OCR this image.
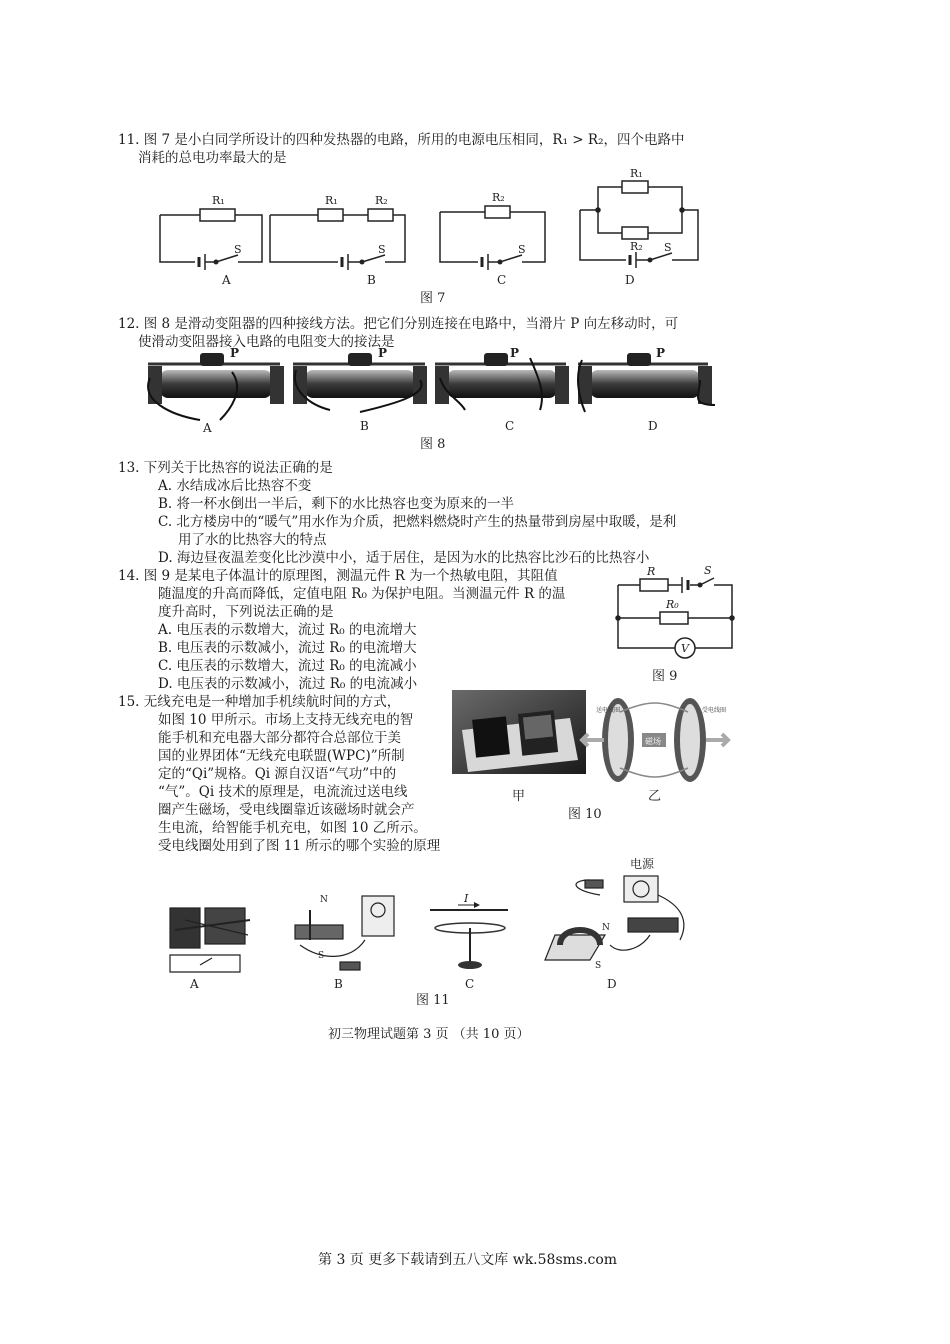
11. 图 7 是小白同学所设计的四种发热器的电路，所用的电源电压相同，R₁ > R₂，四个电路中
消耗的总电功率最大的是
R₁
S
R₁	R₂
S
R₂
S
R₁
R₂ S
A	B	C	D
图 7
12. 图 8 是滑动变阻器的四种接线方法。把它们分别连接在电路中，当滑片 P 向左移动时，可
使滑动变阻器接入电路的电阻变大的接法是
P	P	P	P
A	B	C	D
图 8
13. 下列关于比热容的说法正确的是
A. 水结成冰后比热容不变
B. 将一杯水倒出一半后，剩下的水比热容也变为原来的一半
C. 北方楼房中的“暖气”用水作为介质，把燃料燃烧时产生的热量带到房屋中取暖，是利
用了水的比热容大的特点
D. 海边昼夜温差变化比沙漠中小，适于居住，是因为水的比热容比沙石的比热容小
14. 图 9 是某电子体温计的原理图，测温元件 R 为一个热敏电阻，其阻值
随温度的升高而降低，定值电阻 R₀ 为保护电阻。当测温元件 R 的温
度升高时，下列说法正确的是
A. 电压表的示数增大，流过 R₀ 的电流增大
B. 电压表的示数减小，流过 R₀ 的电流增大
C. 电压表的示数增大，流过 R₀ 的电流减小
D. 电压表的示数减小，流过 R₀ 的电流减小
R	S
R₀
V
图 9
15. 无线充电是一种增加手机续航时间的方式，
如图 10 甲所示。市场上支持无线充电的智
能手机和充电器大部分都符合总部位于美
国的业界团体“无线充电联盟(WPC)”所制
定的“Qi”规格。Qi 源自汉语“气功”中的
“气”。Qi 技术的原理是，电流流过送电线
圈产生磁场，受电线圈靠近该磁场时就会产
生电流，给智能手机充电，如图 10 乙所示。
受电线圈处用到了图 11 所示的哪个实验的原理
磁场
送电线圈	受电线圈
甲	乙
图 10
N
S
N
S
I
电源
A	B	C	D
图 11
初三物理试题第 3 页 （共 10 页）
第 3 页 更多下载请到五八文库 wk.58sms.com
